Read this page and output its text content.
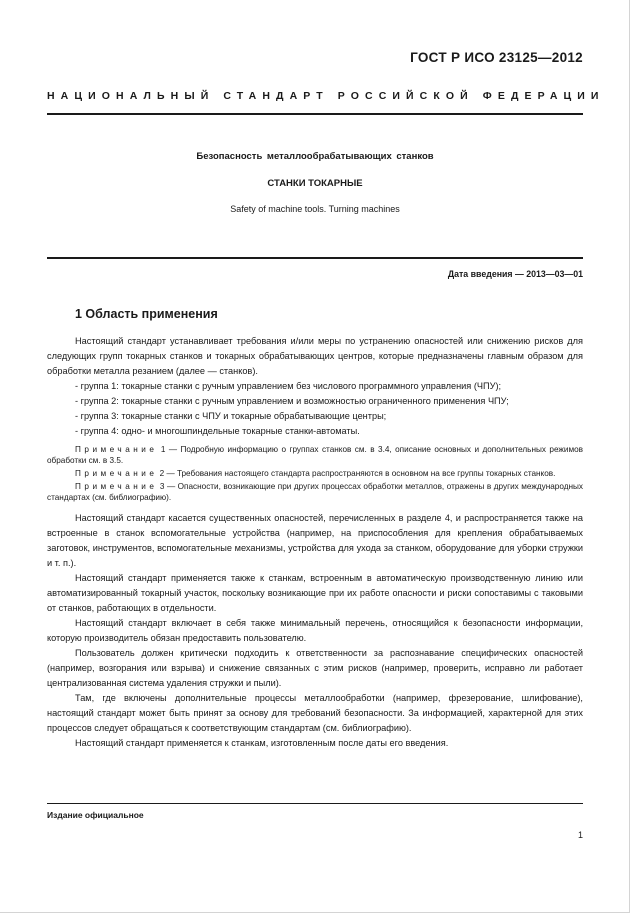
ГОСТ Р ИСО 23125—2012
НАЦИОНАЛЬНЫЙ СТАНДАРТ РОССИЙСКОЙ ФЕДЕРАЦИИ
Безопасность металлообрабатывающих станков
СТАНКИ ТОКАРНЫЕ
Safety of machine tools. Turning machines
Дата введения — 2013—03—01
1 Область применения

Настоящий стандарт устанавливает требования и/или меры по устранению опасностей или снижению рисков для следующих групп токарных станков и токарных обрабатывающих центров, которые предназначены главным образом для обработки металла резанием (далее — станков).

- группа 1: токарные станки с ручным управлением без числового программного управления (ЧПУ);
- группа 2: токарные станки с ручным управлением и возможностью ограниченного применения ЧПУ;
- группа 3: токарные станки с ЧПУ и токарные обрабатывающие центры;
- группа 4: одно- и многошпиндельные токарные станки-автоматы.

Примечание 1 — Подробную информацию о группах станков см. в 3.4, описание основных и дополнительных режимов обработки см. в 3.5.

Примечание 2 — Требования настоящего стандарта распространяются в основном на все группы токарных станков.

Примечание 3 — Опасности, возникающие при других процессах обработки металлов, отражены в других международных стандартах (см. библиографию).

Настоящий стандарт касается существенных опасностей, перечисленных в разделе 4, и распространяется также на встроенные в станок вспомогательные устройства (например, на приспособления для крепления обрабатываемых заготовок, инструментов, вспомогательные механизмы, устройства для ухода за станком, оборудование для уборки стружки и т. п.).

Настоящий стандарт применяется также к станкам, встроенным в автоматическую производственную линию или автоматизированный токарный участок, поскольку возникающие при их работе опасности и риски сопоставимы с таковыми от станков, работающих в отдельности.

Настоящий стандарт включает в себя также минимальный перечень, относящийся к безопасности информации, которую производитель обязан предоставить пользователю.

Пользователь должен критически подходить к ответственности за распознавание специфических опасностей (например, возгорания или взрыва) и снижение связанных с этим рисков (например, проверить, исправно ли работает централизованная система удаления стружки и пыли).

Там, где включены дополнительные процессы металлообработки (например, фрезерование, шлифование), настоящий стандарт может быть принят за основу для требований безопасности. За информацией, характерной для этих процессов следует обращаться к соответствующим стандартам (см. библиографию).

Настоящий стандарт применяется к станкам, изготовленным после даты его введения.

Издание официальное
1
